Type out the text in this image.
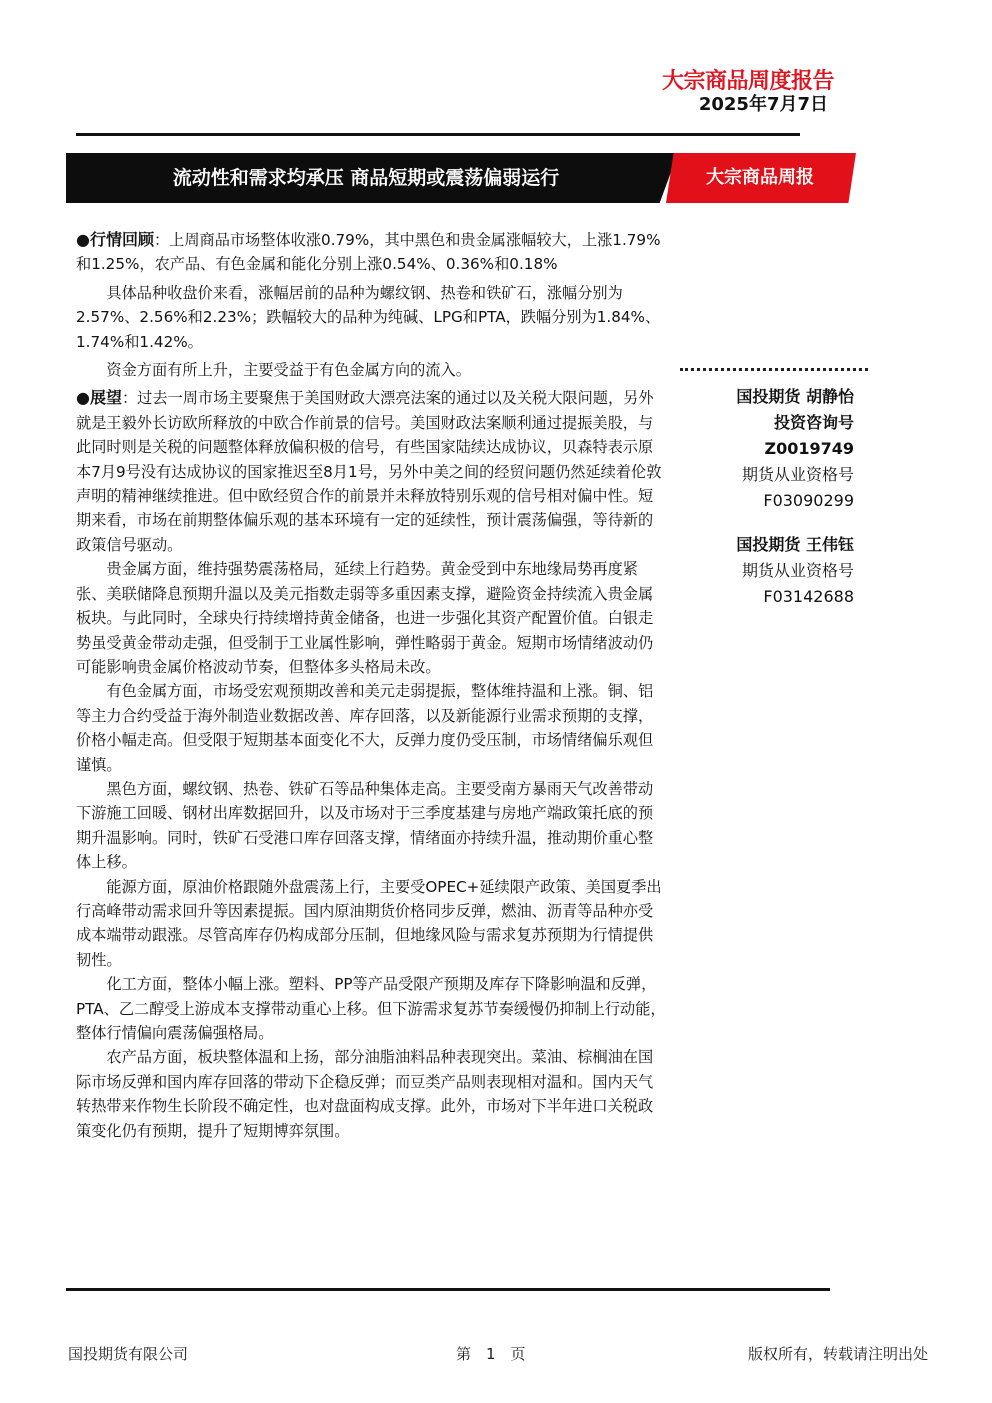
大宗商品周度报告
2025年7月7日
流动性和需求均承压 商品短期或震荡偏弱运行	大宗商品周报

●行情回顾：上周商品市场整体收涨0.79%，其中黑色和贵金属涨幅较大，上涨1.79%和1.25%，农产品、有色金属和能化分别上涨0.54%、0.36%和0.18%

具体品种收盘价来看，涨幅居前的品种为螺纹钢、热卷和铁矿石，涨幅分别为2.57%、2.56%和2.23%；跌幅较大的品种为纯碱、LPG和PTA，跌幅分别为1.84%、1.74%和1.42%。

资金方面有所上升，主要受益于有色金属方向的流入。

●展望：过去一周市场主要聚焦于美国财政大漂亮法案的通过以及关税大限问题，另外就是王毅外长访欧所释放的中欧合作前景的信号。美国财政法案顺利通过提振美股，与此同时则是关税的问题整体释放偏积极的信号，有些国家陆续达成协议，贝森特表示原本7月9号没有达成协议的国家推迟至8月1号，另外中美之间的经贸问题仍然延续着伦敦声明的精神继续推进。但中欧经贸合作的前景并未释放特别乐观的信号相对偏中性。短期来看，市场在前期整体偏乐观的基本环境有一定的延续性，预计震荡偏强，等待新的政策信号驱动。

贵金属方面，维持强势震荡格局，延续上行趋势。黄金受到中东地缘局势再度紧张、美联储降息预期升温以及美元指数走弱等多重因素支撑，避险资金持续流入贵金属板块。与此同时，全球央行持续增持黄金储备，也进一步强化其资产配置价值。白银走势虽受黄金带动走强，但受制于工业属性影响，弹性略弱于黄金。短期市场情绪波动仍可能影响贵金属价格波动节奏，但整体多头格局未改。

有色金属方面，市场受宏观预期改善和美元走弱提振，整体维持温和上涨。铜、铝等主力合约受益于海外制造业数据改善、库存回落，以及新能源行业需求预期的支撑，价格小幅走高。但受限于短期基本面变化不大，反弹力度仍受压制，市场情绪偏乐观但谨慎。

黑色方面，螺纹钢、热卷、铁矿石等品种集体走高。主要受南方暴雨天气改善带动下游施工回暖、钢材出库数据回升，以及市场对于三季度基建与房地产端政策托底的预期升温影响。同时，铁矿石受港口库存回落支撑，情绪面亦持续升温，推动期价重心整体上移。

能源方面，原油价格跟随外盘震荡上行，主要受OPEC+延续限产政策、美国夏季出行高峰带动需求回升等因素提振。国内原油期货价格同步反弹，燃油、沥青等品种亦受成本端带动跟涨。尽管高库存仍构成部分压制，但地缘风险与需求复苏预期为行情提供韧性。

化工方面，整体小幅上涨。塑料、PP等产品受限产预期及库存下降影响温和反弹，PTA、乙二醇受上游成本支撑带动重心上移。但下游需求复苏节奏缓慢仍抑制上行动能，整体行情偏向震荡偏强格局。

农产品方面，板块整体温和上扬，部分油脂油料品种表现突出。菜油、棕榈油在国际市场反弹和国内库存回落的带动下企稳反弹；而豆类产品则表现相对温和。国内天气转热带来作物生长阶段不确定性，也对盘面构成支撑。此外，市场对下半年进口关税政策变化仍有预期，提升了短期博弈氛围。

国投期货 胡静怡
投资咨询号
Z0019749
期货从业资格号
F03090299
国投期货 王伟钰
期货从业资格号
F03142688
国投期货有限公司	第　1　页	版权所有，转载请注明出处
